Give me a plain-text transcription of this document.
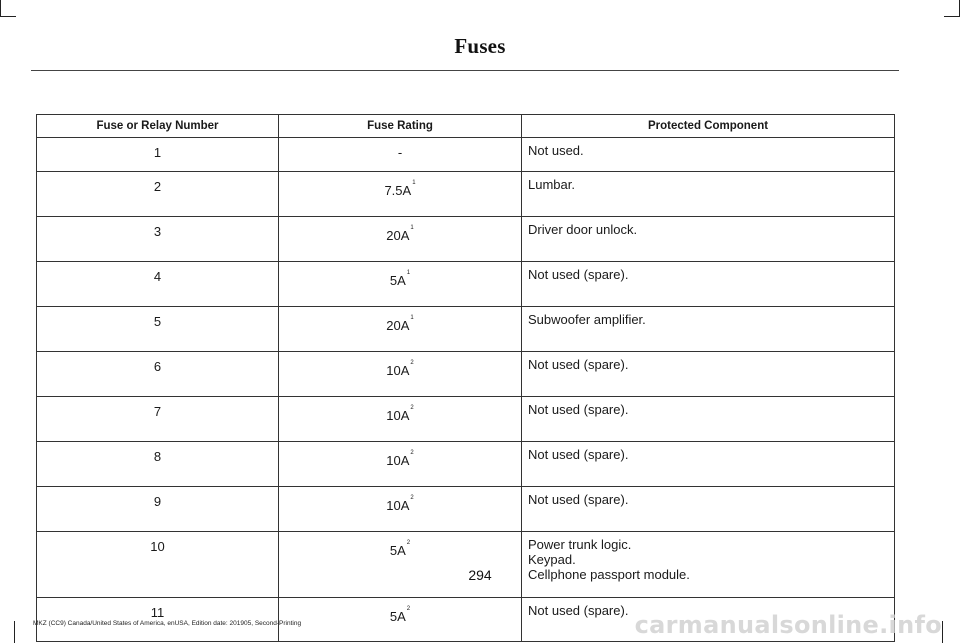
Fuses
Fuse or Relay Number	Fuse Rating	Protected Component
1	-	Not used.

2	7.5A$^1$	Lumbar.

3	20A$^1$	Driver door unlock.

4	5A$^1$	Not used (spare).

5	20A$^1$	Subwoofer amplifier.

6	10A$^2$	Not used (spare).

7	10A$^2$	Not used (spare).

8	10A$^2$	Not used (spare).

9	10A$^2$	Not used (spare).

10	5A$^2$	Power trunk logic.
Keypad.
Cellphone passport module.

11	5A$^2$	Not used (spare).
294
MKZ (CC9) Canada/United States of America, enUSA, Edition date: 201905, Second-Printing	carmanualsonline.info
